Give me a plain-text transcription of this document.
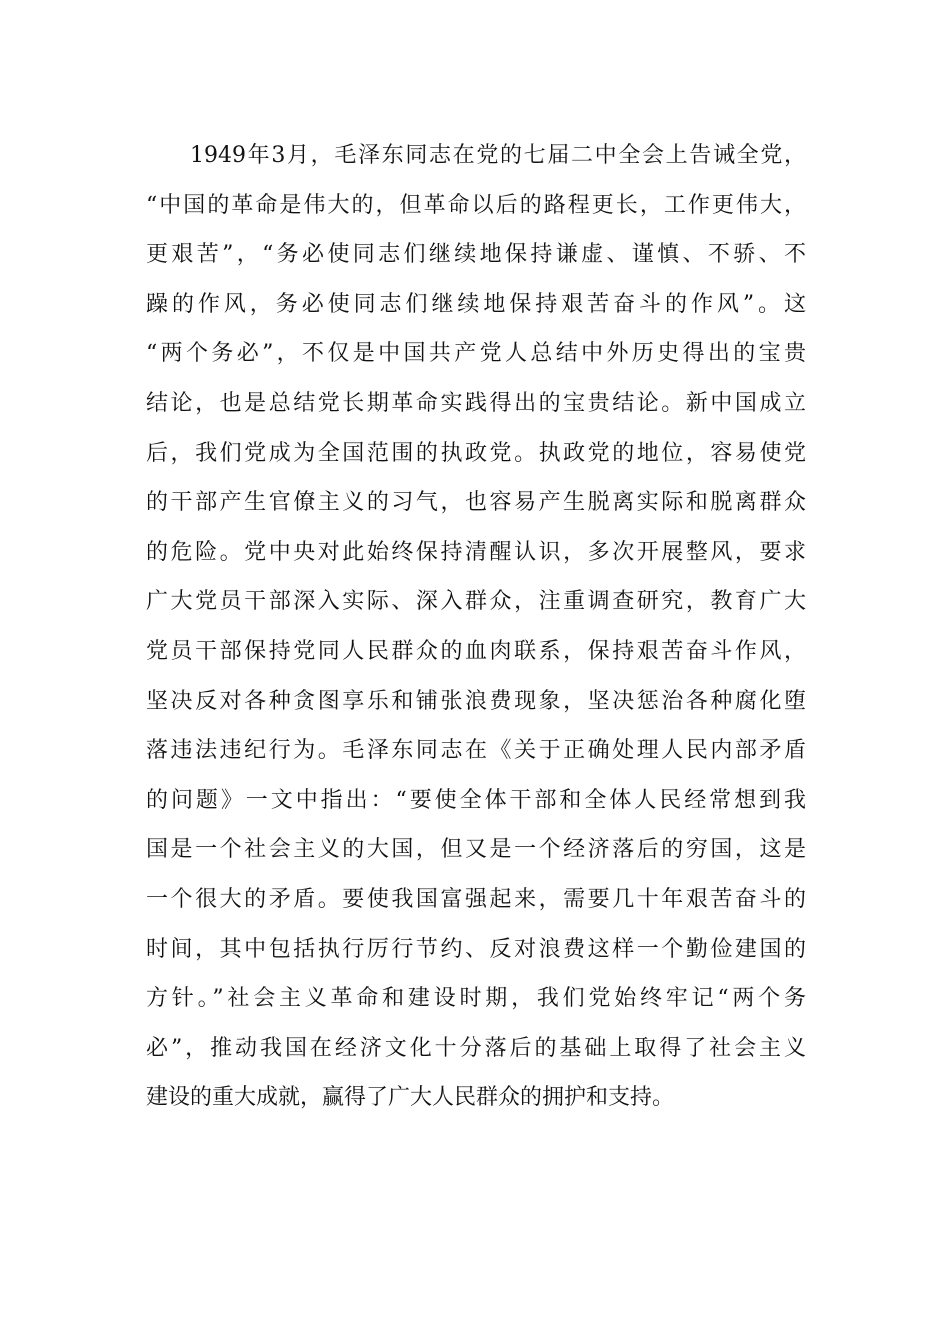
1949年3月，毛泽东同志在党的七届二中全会上告诫全党，
“中国的革命是伟大的，但革命以后的路程更长，工作更伟大，
更艰苦”，“务必使同志们继续地保持谦虚、谨慎、不骄、不
躁的作风，务必使同志们继续地保持艰苦奋斗的作风”。这
“两个务必”，不仅是中国共产党人总结中外历史得出的宝贵
结论，也是总结党长期革命实践得出的宝贵结论。新中国成立
后，我们党成为全国范围的执政党。执政党的地位，容易使党
的干部产生官僚主义的习气，也容易产生脱离实际和脱离群众
的危险。党中央对此始终保持清醒认识，多次开展整风，要求
广大党员干部深入实际、深入群众，注重调查研究，教育广大
党员干部保持党同人民群众的血肉联系，保持艰苦奋斗作风，
坚决反对各种贪图享乐和铺张浪费现象，坚决惩治各种腐化堕
落违法违纪行为。毛泽东同志在《关于正确处理人民内部矛盾
的问题》一文中指出：“要使全体干部和全体人民经常想到我
国是一个社会主义的大国，但又是一个经济落后的穷国，这是
一个很大的矛盾。要使我国富强起来，需要几十年艰苦奋斗的
时间，其中包括执行厉行节约、反对浪费这样一个勤俭建国的
方针。”社会主义革命和建设时期，我们党始终牢记“两个务
必”，推动我国在经济文化十分落后的基础上取得了社会主义
建设的重大成就，赢得了广大人民群众的拥护和支持。
